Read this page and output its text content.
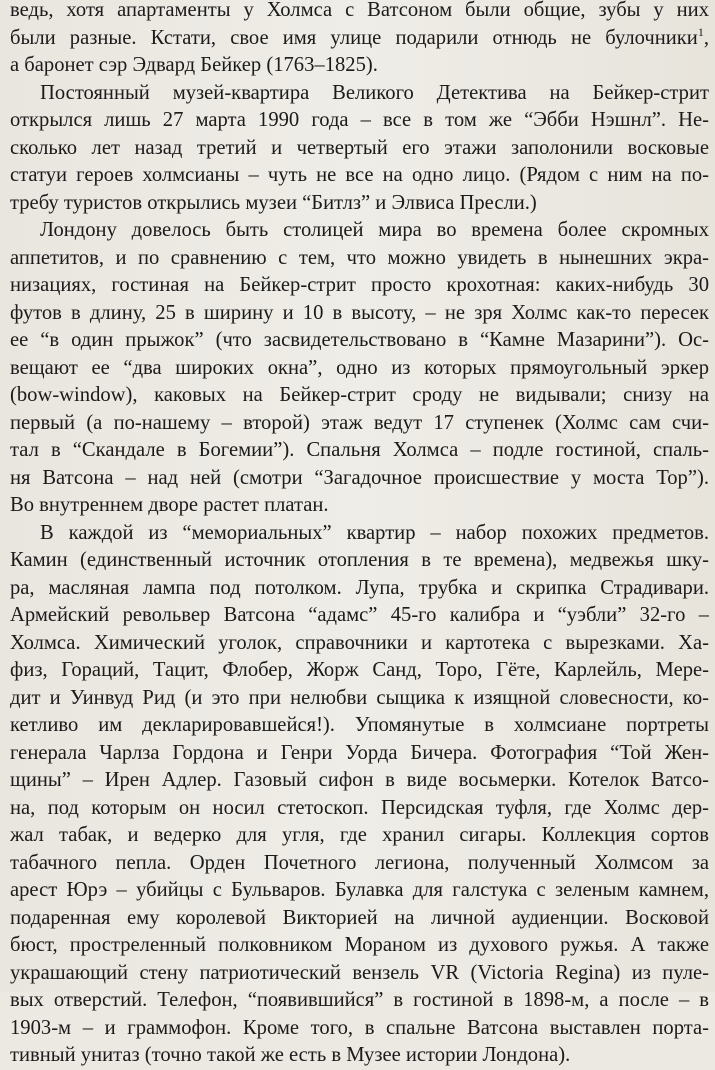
ведь, хотя апартаменты у Холмса с Ватсоном были общие, зубы у них
были разные. Кстати, свое имя улице подарили отнюдь не булочники$^1$,
а баронет сэр Эдвард Бейкер (1763–1825).
Постоянный музей-квартира Великого Детектива на Бейкер-стрит
открылся лишь 27 марта 1990 года – все в том же “Эбби Нэшнл”. Не-
сколько лет назад третий и четвертый его этажи заполонили восковые
статуи героев холмсианы – чуть не все на одно лицо. (Рядом с ним на по-
требу туристов открылись музеи “Битлз” и Элвиса Пресли.)
Лондону довелось быть столицей мира во времена более скромных
аппетитов, и по сравнению с тем, что можно увидеть в нынешних экра-
низациях, гостиная на Бейкер-стрит просто крохотная: каких-нибудь 30
футов в длину, 25 в ширину и 10 в высоту, – не зря Холмс как-то пересек
ее “в один прыжок” (что засвидетельствовано в “Камне Мазарини”). Ос-
вещают ее “два широких окна”, одно из которых прямоугольный эркер
(bow-window), каковых на Бейкер-стрит сроду не видывали; снизу на
первый (а по-нашему – второй) этаж ведут 17 ступенек (Холмс сам счи-
тал в “Скандале в Богемии”). Спальня Холмса – подле гостиной, спаль-
ня Ватсона – над ней (смотри “Загадочное происшествие у моста Тор”).
Во внутреннем дворе растет платан.
В каждой из “мемориальных” квартир – набор похожих предметов.
Камин (единственный источник отопления в те времена), медвежья шку-
ра, масляная лампа под потолком. Лупа, трубка и скрипка Страдивари.
Армейский револьвер Ватсона “адамс” 45-го калибра и “уэбли” 32-го –
Холмса. Химический уголок, справочники и картотека с вырезками. Ха-
физ, Гораций, Тацит, Флобер, Жорж Санд, Торо, Гёте, Карлейль, Мере-
дит и Уинвуд Рид (и это при нелюбви сыщика к изящной словесности, ко-
кетливо им декларировавшейся!). Упомянутые в холмсиане портреты
генерала Чарлза Гордона и Генри Уорда Бичера. Фотография “Той Жен-
щины” – Ирен Адлер. Газовый сифон в виде восьмерки. Котелок Ватсо-
на, под которым он носил стетоскоп. Персидская туфля, где Холмс дер-
жал табак, и ведерко для угля, где хранил сигары. Коллекция сортов
табачного пепла. Орден Почетного легиона, полученный Холмсом за
арест Юрэ – убийцы с Бульваров. Булавка для галстука с зеленым камнем,
подаренная ему королевой Викторией на личной аудиенции. Восковой
бюст, простреленный полковником Мораном из духового ружья. А также
украшающий стену патриотический вензель VR (Victoria Regina) из пуле-
вых отверстий. Телефон, “появившийся” в гостиной в 1898-м, а после – в
1903-м – и граммофон. Кроме того, в спальне Ватсона выставлен порта-
тивный унитаз (точно такой же есть в Музее истории Лондона).
